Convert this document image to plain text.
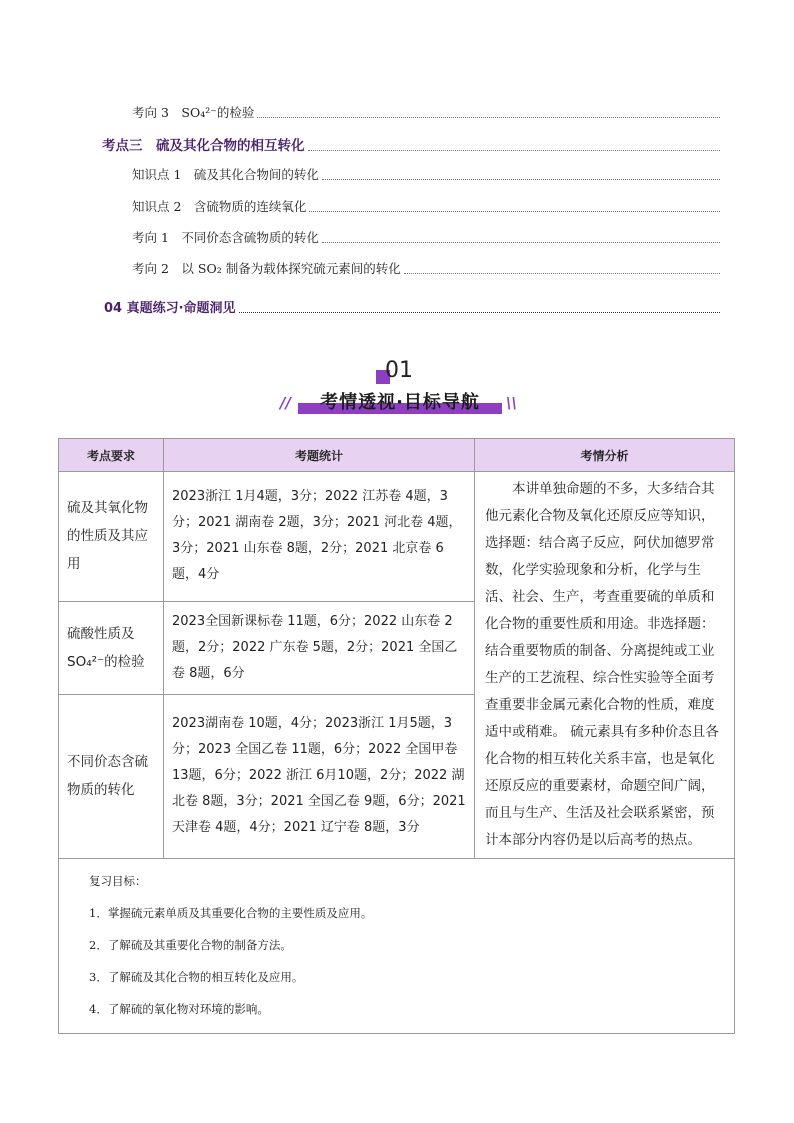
考向 3　SO₄²⁻的检验
考点三　硫及其化合物的相互转化
知识点 1　硫及其化合物间的转化
知识点 2　含硫物质的连续氧化
考向 1　不同价态含硫物质的转化
考向 2　以 SO₂ 制备为载体探究硫元素间的转化
04 真题练习·命题洞见
01
//	考情透视·目标导航	\\
考点要求	考题统计	考情分析
硫及其氧化物的性质及其应用	2023浙江 1月4题，3分；2022 江苏卷 4题，3分；2021 湖南卷 2题，3分；2021 河北卷 4题，3分；2021 山东卷 8题，2分；2021 北京卷 6题，4分	本讲单独命题的不多，大多结合其他元素化合物及氧化还原反应等知识，选择题：结合离子反应，阿伏加德罗常数，化学实验现象和分析，化学与生活、社会、生产，考查重要硫的单质和化合物的重要性质和用途。非选择题：结合重要物质的制备、分离提纯或工业生产的工艺流程、综合性实验等全面考查重要非金属元素化合物的性质，难度适中或稍难。 硫元素具有多种价态且各化合物的相互转化关系丰富，也是氧化还原反应的重要素材，命题空间广阔，而且与生产、生活及社会联系紧密，预计本部分内容仍是以后高考的热点。
硫酸性质及SO₄²⁻的检验	2023全国新课标卷 11题，6分；2022 山东卷 2题，2分；2022 广东卷 5题，2分；2021 全国乙卷 8题，6分	
不同价态含硫物质的转化	2023湖南卷 10题，4分；2023浙江 1月5题，3分；2023 全国乙卷 11题，6分；2022 全国甲卷 13题，6分；2022 浙江 6月10题，2分；2022 湖北卷 8题，3分；2021 全国乙卷 9题，6分；2021 天津卷 4题，4分；2021 辽宁卷 8题，3分	

复习目标：
1．掌握硫元素单质及其重要化合物的主要性质及应用。
2．了解硫及其重要化合物的制备方法。
3．了解硫及其化合物的相互转化及应用。
4．了解硫的氧化物对环境的影响。		
